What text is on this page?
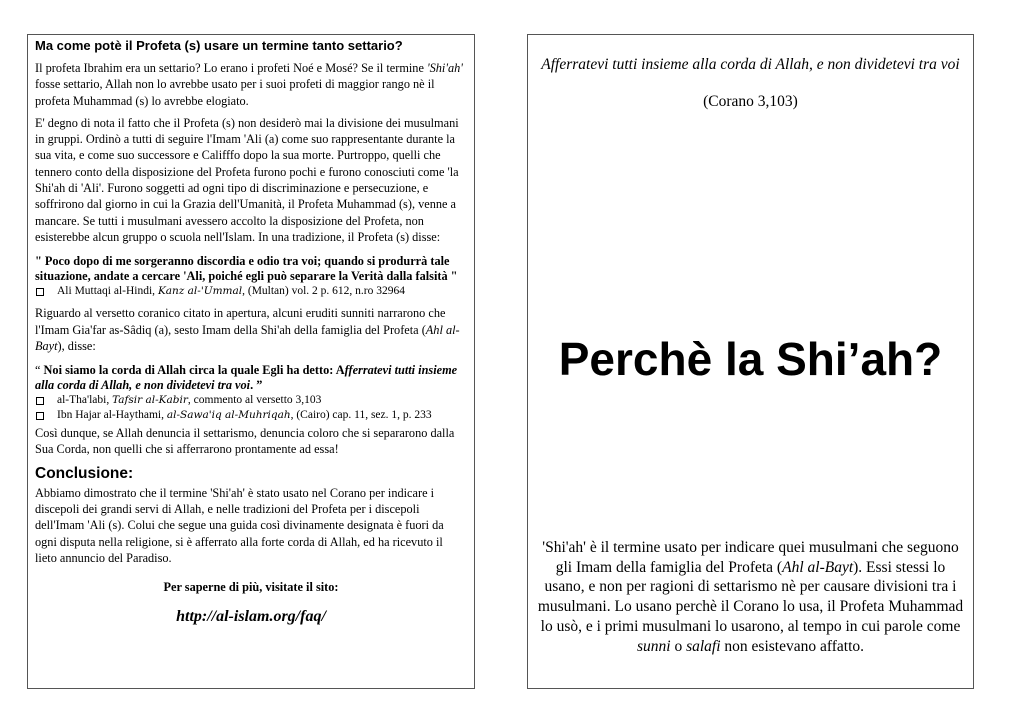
Ma come potè il Profeta (s) usare un termine tanto settario?

Il profeta Ibrahim era un settario? Lo erano i profeti Noé e Mosé? Se il termine 'Shi'ah' fosse settario, Allah non lo avrebbe usato per i suoi profeti di maggior rango nè il profeta Muhammad (s) lo avrebbe elogiato.

E' degno di nota il fatto che il Profeta (s) non desiderò mai la divisione dei musulmani in gruppi. Ordinò a tutti di seguire l'Imam 'Ali (a) come suo rappresentante durante la sua vita, e come suo successore e Califffo dopo la sua morte. Purtroppo, quelli che tennero conto della disposizione del Profeta furono pochi e furono conosciuti come 'la Shi'ah di 'Ali'. Furono soggetti ad ogni tipo di discriminazione e persecuzione, e soffrirono dal giorno in cui la Grazia dell'Umanità, il Profeta Muhammad (s), venne a mancare. Se tutti i musulmani avessero accolto la disposizione del Profeta, non esisterebbe alcun gruppo o scuola nell'Islam. In una tradizione, il Profeta (s) disse:

" Poco dopo di me sorgeranno discordia e odio tra voi; quando si produrrà tale situazione, andate a cercare 'Ali, poiché egli può separare la Verità dalla falsità "

Ali Muttaqi al-Hindi, Kanz al-'Ummal, (Multan) vol. 2 p. 612, n.ro 32964

Riguardo al versetto coranico citato in apertura, alcuni eruditi sunniti narrarono che l'Imam Gia'far as-Sâdiq (a), sesto Imam della Shi'ah della famiglia del Profeta (Ahl al-Bayt), disse:

“ Noi siamo la corda di Allah circa la quale Egli ha detto: Afferratevi tutti insieme alla corda di Allah, e non dividetevi tra voi. ”

al-Tha'labi, Tafsir al-Kabir, commento al versetto 3,103

Ibn Hajar al-Haythami, al-Sawa'iq al-Muhriqah, (Cairo) cap. 11, sez. 1, p. 233

Così dunque, se Allah denuncia il settarismo, denuncia coloro che si separarono dalla Sua Corda, non quelli che si afferrarono prontamente ad essa!

Conclusione:

Abbiamo dimostrato che il termine 'Shi'ah' è stato usato nel Corano per indicare i discepoli dei grandi servi di Allah, e nelle tradizioni del Profeta per i discepoli dell'Imam 'Ali (s). Colui che segue una guida così divinamente designata è fuori da ogni disputa nella religione, si è afferrato alla forte corda di Allah, ed ha ricevuto il lieto annuncio del Paradiso.

Per saperne di più, visitate il sito:

http://al-islam.org/faq/

Afferratevi tutti insieme alla corda di Allah, e non dividetevi tra voi
(Corano 3,103)
Perchè la Shi’ah?
'Shi'ah' è il termine usato per indicare quei musulmani che seguono gli Imam della famiglia del Profeta (Ahl al-Bayt). Essi stessi lo usano, e non per ragioni di settarismo nè per causare divisioni tra i musulmani. Lo usano perchè il Corano lo usa, il Profeta Muhammad lo usò, e i primi musulmani lo usarono, al tempo in cui parole come sunni o salafi non esistevano affatto.
